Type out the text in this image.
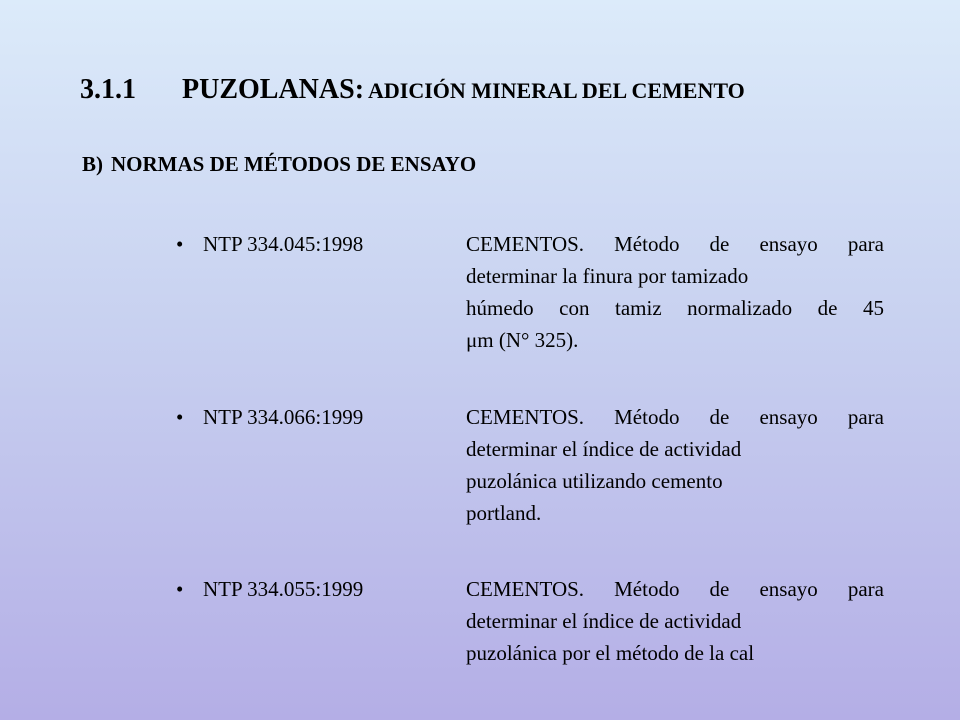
3.1.1 PUZOLANAS: ADICIÓN MINERAL DEL CEMENTO
B) NORMAS DE MÉTODOS DE ENSAYO
• NTP 334.045:1998	CEMENTOS. Método de ensayo para
determinar la finura por tamizado
húmedo con tamiz normalizado de 45
μm (N° 325).
• NTP 334.066:1999	CEMENTOS. Método de ensayo para
determinar el índice de actividad
puzolánica utilizando cemento
portland.
• NTP 334.055:1999	CEMENTOS. Método de ensayo para
determinar el índice de actividad
puzolánica por el método de la cal
